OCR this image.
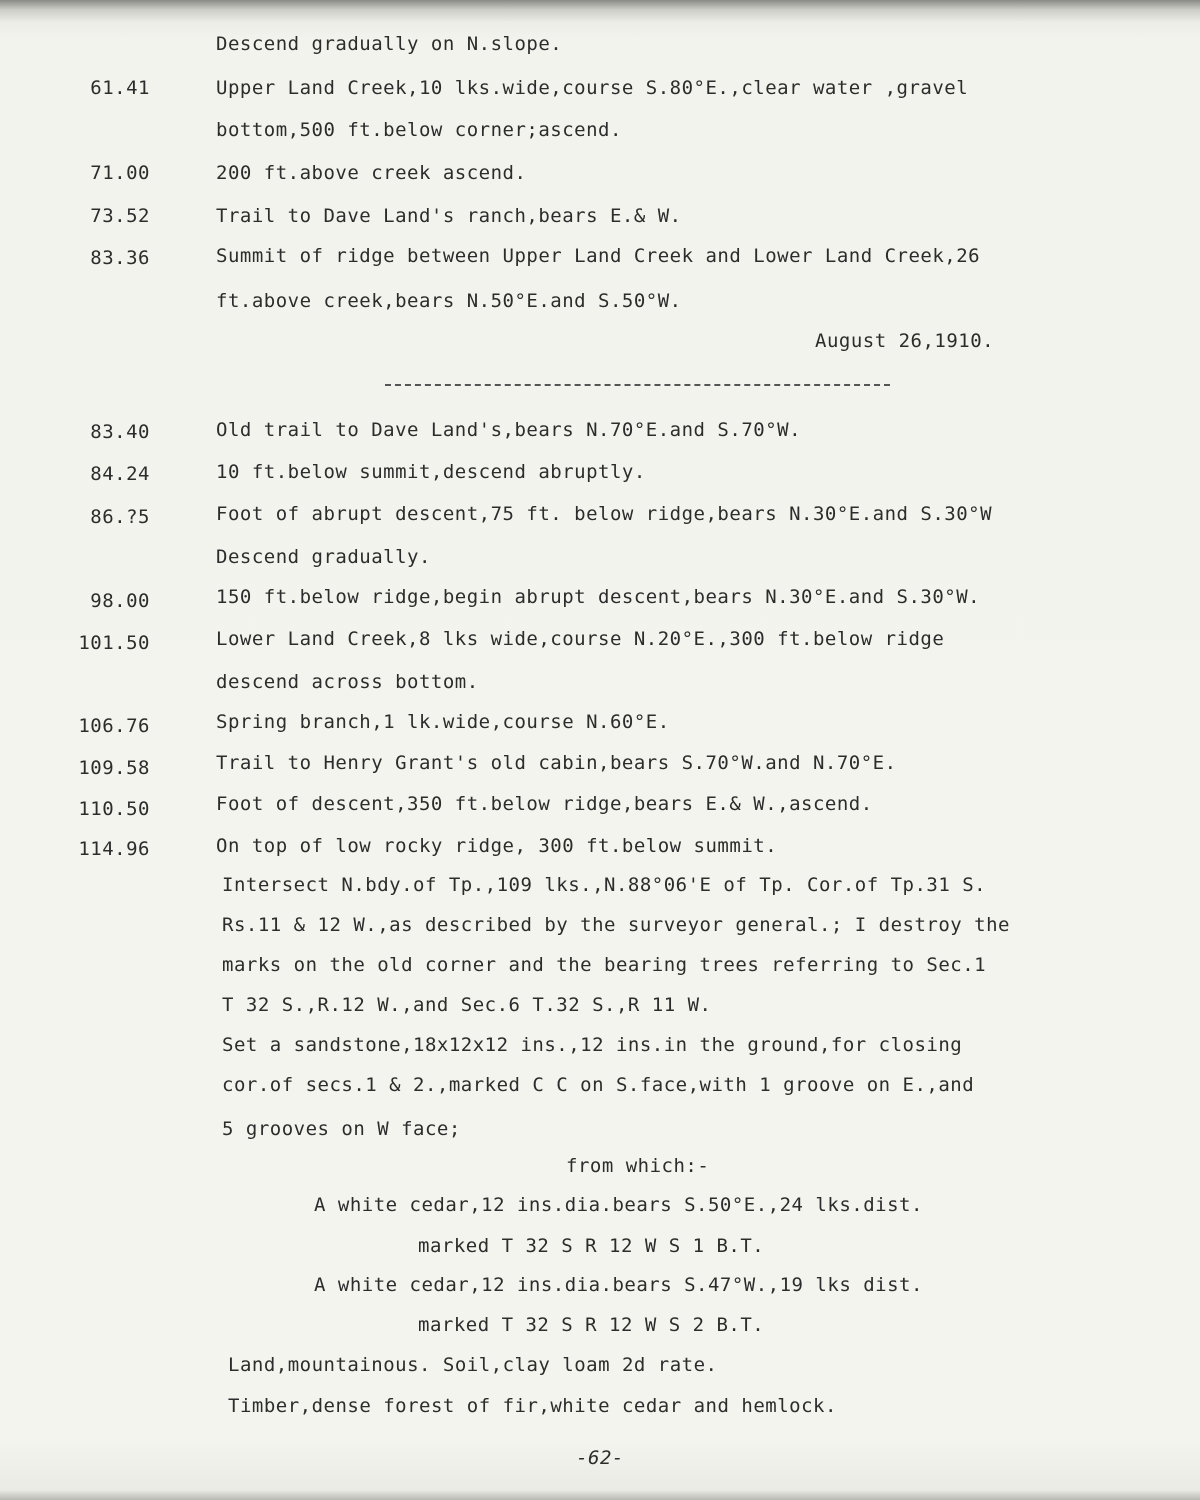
Descend gradually on N.slope.
61.41	Upper Land Creek,10 lks.wide,course S.80°E.,clear water ,gravel
bottom,500 ft.below corner;ascend.
71.00	200 ft.above creek ascend.
73.52	Trail to Dave Land's ranch,bears E.& W.
83.36	Summit of ridge between Upper Land Creek and Lower Land Creek,26
ft.above creek,bears N.50°E.and S.50°W.
August 26,1910.
83.40	Old trail to Dave Land's,bears N.70°E.and S.70°W.
84.24	10 ft.below summit,descend abruptly.
86.?5	Foot of abrupt descent,75 ft. below ridge,bears N.30°E.and S.30°W
Descend gradually.
98.00	150 ft.below ridge,begin abrupt descent,bears N.30°E.and S.30°W.
101.50	Lower Land Creek,8 lks wide,course N.20°E.,300 ft.below ridge
descend across bottom.
106.76	Spring branch,1 lk.wide,course N.60°E.
109.58	Trail to Henry Grant's old cabin,bears S.70°W.and N.70°E.
110.50	Foot of descent,350 ft.below ridge,bears E.& W.,ascend.
114.96	On top of low rocky ridge, 300 ft.below summit.
Intersect N.bdy.of Tp.,109 lks.,N.88°06'E of Tp. Cor.of Tp.31 S.
Rs.11 & 12 W.,as described by the surveyor general.; I destroy the
marks on the old corner and the bearing trees referring to Sec.1
T 32 S.,R.12 W.,and Sec.6 T.32 S.,R 11 W.
Set a sandstone,18x12x12 ins.,12 ins.in the ground,for closing
cor.of secs.1 & 2.,marked C C on S.face,with 1 groove on E.,and
5 grooves on W face;
from which:-
A white cedar,12 ins.dia.bears S.50°E.,24 lks.dist.
marked T 32 S R 12 W S 1 B.T.
A white cedar,12 ins.dia.bears S.47°W.,19 lks dist.
marked T 32 S R 12 W S 2 B.T.
Land,mountainous. Soil,clay loam 2d rate.
Timber,dense forest of fir,white cedar and hemlock.
-62-
